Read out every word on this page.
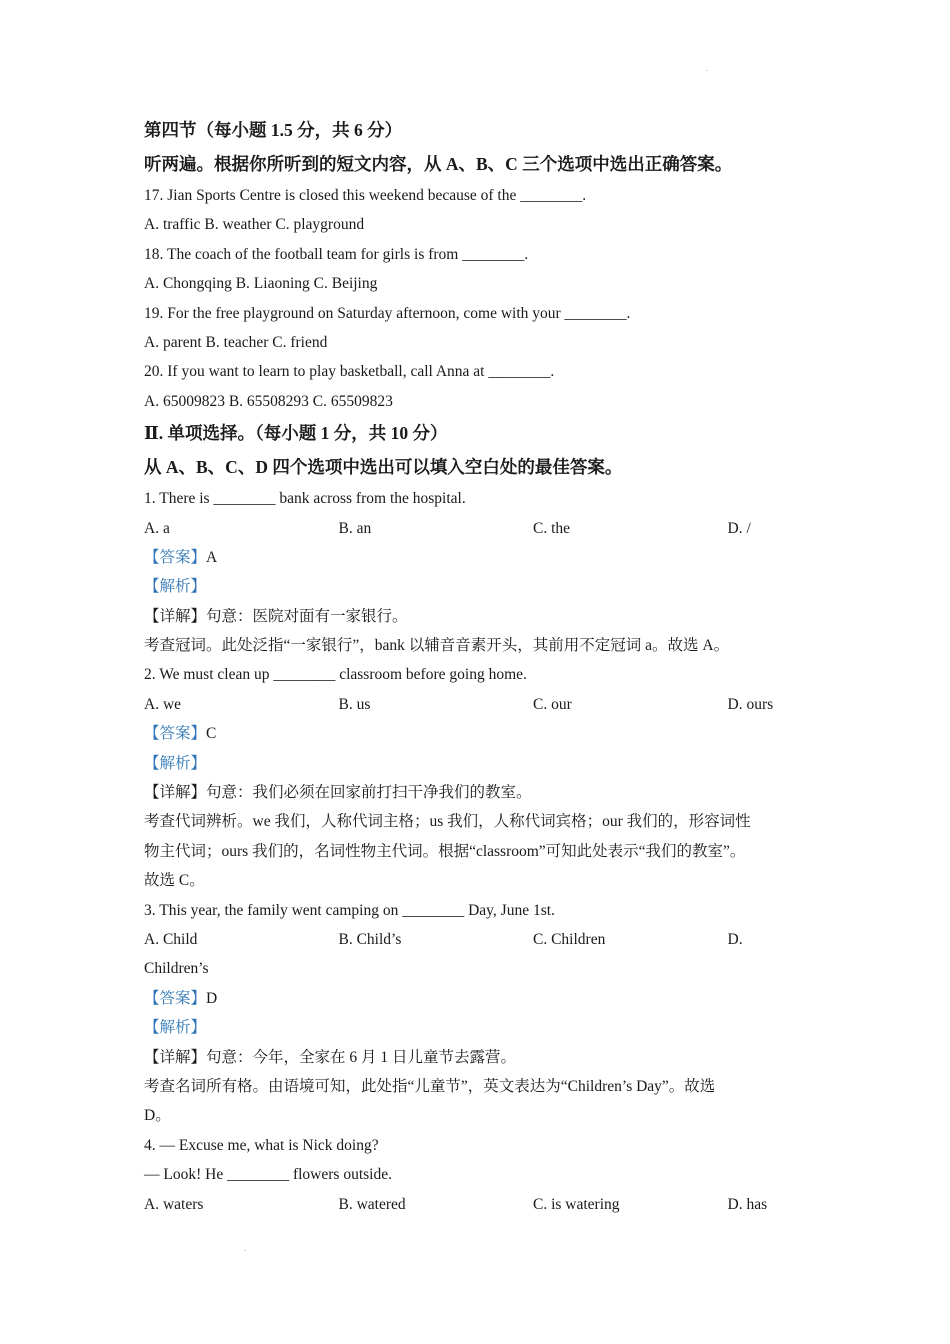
第四节（每小题 1.5 分，共 6 分）
听两遍。根据你所听到的短文内容，从 A、B、C 三个选项中选出正确答案。
17. Jian Sports Centre is closed this weekend because of the ________.
A. traffic B. weather C. playground
18. The coach of the football team for girls is from ________.
A. Chongqing B. Liaoning C. Beijing
19. For the free playground on Saturday afternoon, come with your ________.
A. parent B. teacher C. friend
20. If you want to learn to play basketball, call Anna at ________.
A. 65009823 B. 65508293 C. 65509823
Ⅱ. 单项选择。（每小题 1 分，共 10 分）
从 A、B、C、D 四个选项中选出可以填入空白处的最佳答案。
1. There is ________ bank across from the hospital.
A. a	B. an	C. the	D. /
【答案】A
【解析】
【详解】句意：医院对面有一家银行。
考查冠词。此处泛指“一家银行”，bank 以辅音音素开头，其前用不定冠词 a。故选 A。
2. We must clean up ________ classroom before going home.
A. we	B. us	C. our	D. ours
【答案】C
【解析】
【详解】句意：我们必须在回家前打扫干净我们的教室。
考查代词辨析。we 我们，人称代词主格；us 我们，人称代词宾格；our 我们的，形容词性
物主代词；ours 我们的，名词性物主代词。根据“classroom”可知此处表示“我们的教室”。
故选 C。
3. This year, the family went camping on ________ Day, June 1st.
A. Child	B. Child’s	C. Children	D.
Children’s
【答案】D
【解析】
【详解】句意：今年，全家在 6 月 1 日儿童节去露营。
考查名词所有格。由语境可知，此处指“儿童节”，英文表达为“Children’s Day”。故选
D。
4. — Excuse me, what is Nick doing?
— Look! He ________ flowers outside.
A. waters	B. watered	C. is watering	D. has
